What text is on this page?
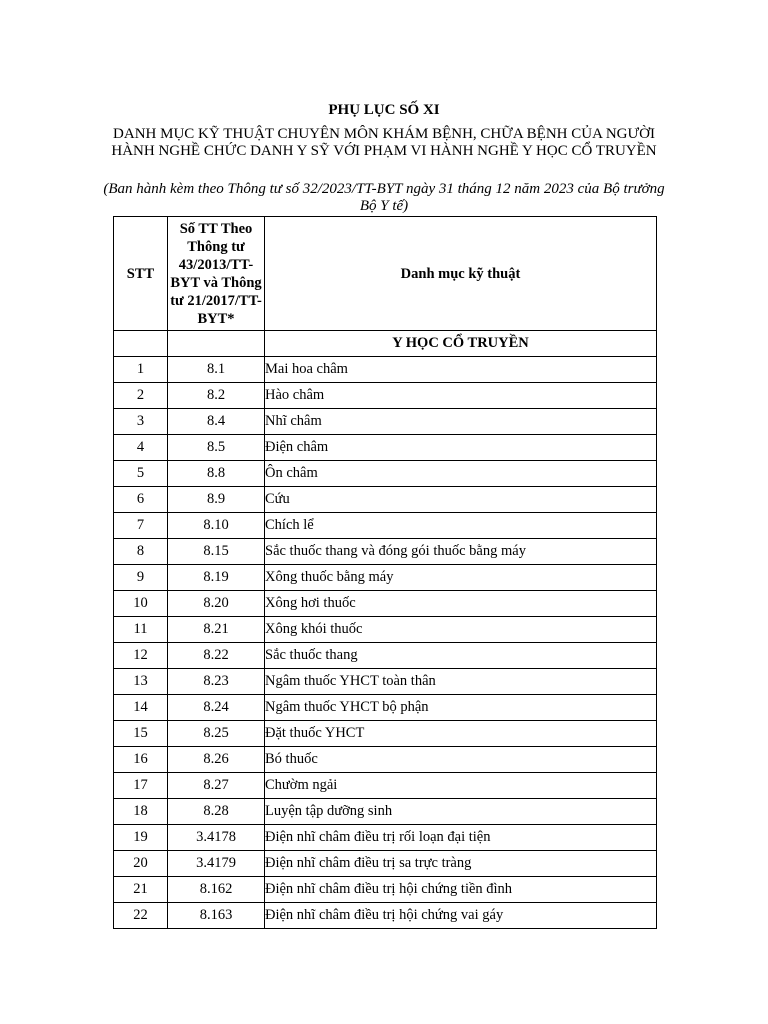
PHỤ LỤC SỐ XI
DANH MỤC KỸ THUẬT CHUYÊN MÔN KHÁM BỆNH, CHỮA BỆNH CỦA NGƯỜI HÀNH NGHỀ CHỨC DANH Y SỸ VỚI PHẠM VI HÀNH NGHỀ Y HỌC CỔ TRUYỀN
(Ban hành kèm theo Thông tư số 32/2023/TT-BYT ngày 31 tháng 12 năm 2023 của Bộ trưởng Bộ Y tế)
STT	Số TT Theo Thông tư 43/2013/TT-BYT và Thông tư 21/2017/TT-BYT*	Danh mục kỹ thuật
		Y HỌC CỔ TRUYỀN
1	8.1	Mai hoa châm
2	8.2	Hào châm
3	8.4	Nhĩ châm
4	8.5	Điện châm
5	8.8	Ôn châm
6	8.9	Cứu
7	8.10	Chích lể
8	8.15	Sắc thuốc thang và đóng gói thuốc bằng máy
9	8.19	Xông thuốc bằng máy
10	8.20	Xông hơi thuốc
11	8.21	Xông khói thuốc
12	8.22	Sắc thuốc thang
13	8.23	Ngâm thuốc YHCT toàn thân
14	8.24	Ngâm thuốc YHCT bộ phận
15	8.25	Đặt thuốc YHCT
16	8.26	Bó thuốc
17	8.27	Chườm ngải
18	8.28	Luyện tập dưỡng sinh
19	3.4178	Điện nhĩ châm điều trị rối loạn đại tiện
20	3.4179	Điện nhĩ châm điều trị sa trực tràng
21	8.162	Điện nhĩ châm điều trị hội chứng tiền đình
22	8.163	Điện nhĩ châm điều trị hội chứng vai gáy
